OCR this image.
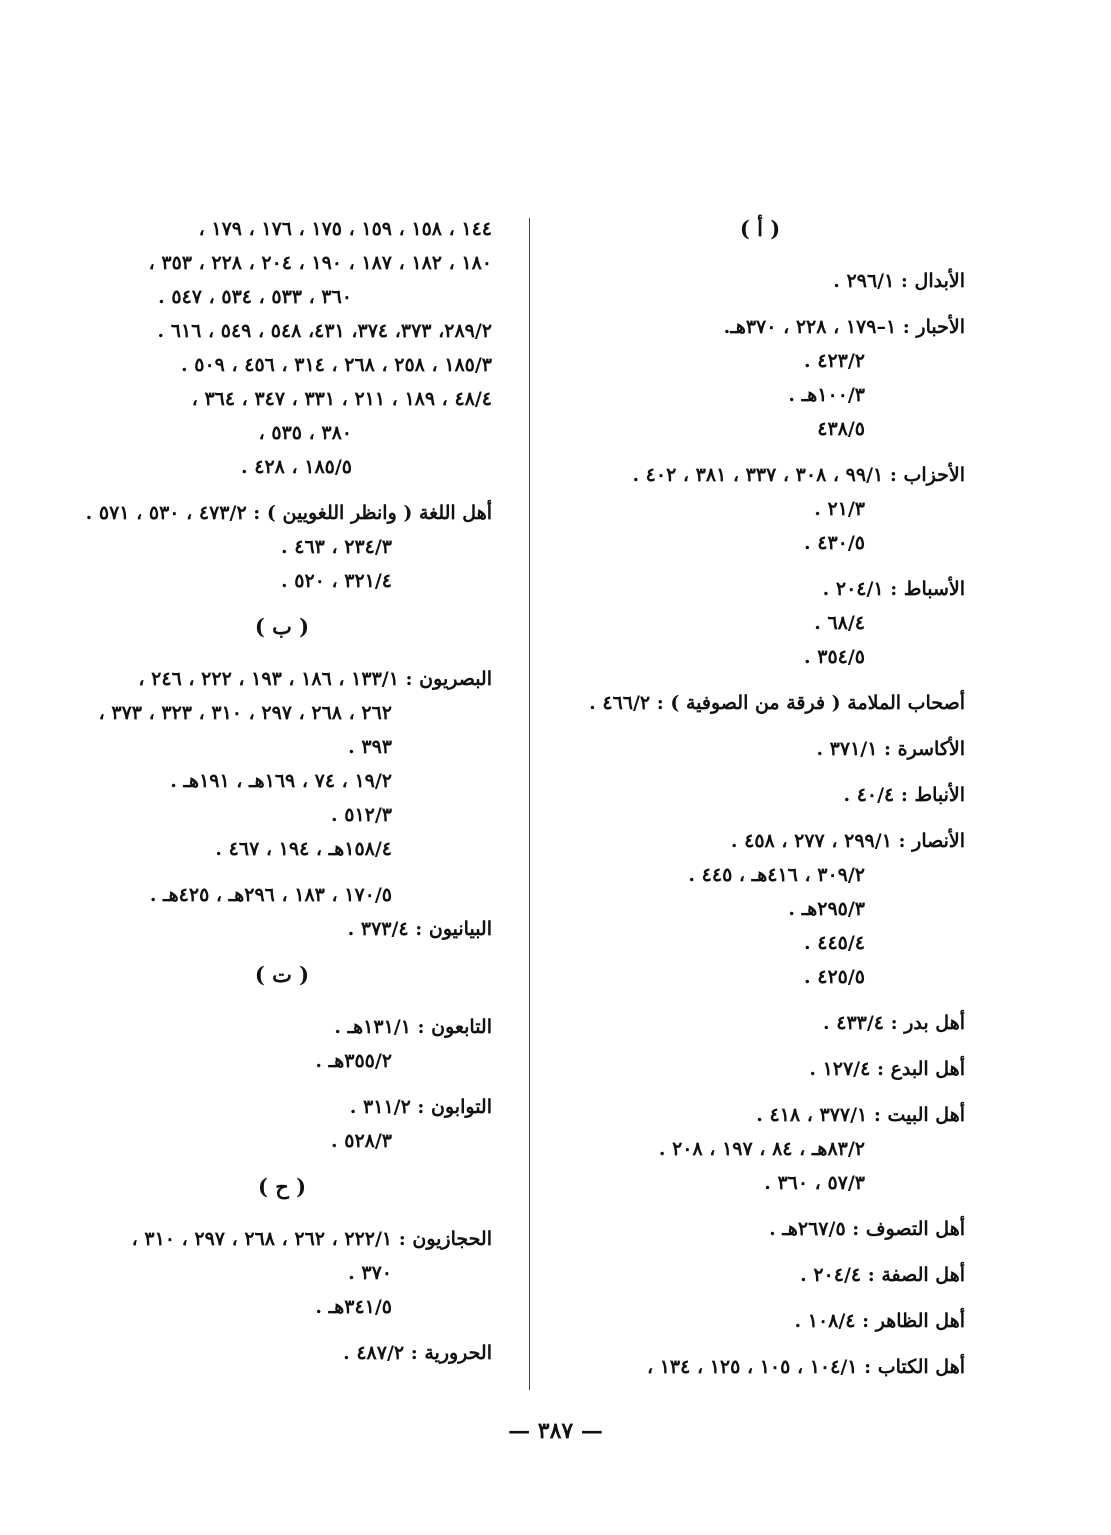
( أ )
الأبدال : ٢٩٦/١ .
الأحبار : ١–١٧٩ ، ٢٢٨ ، ٣٧٠هـ.
٤٢٣/٢ .
١٠٠/٣هـ .
٤٣٨/٥
الأحزاب : ٩٩/١ ، ٣٠٨ ، ٣٣٧ ، ٣٨١ ، ٤٠٢ .
٢١/٣ .
٤٣٠/٥ .
الأسباط : ٢٠٤/١ .
٦٨/٤ .
٣٥٤/٥ .
أصحاب الملامة ( فرقة من الصوفية ) : ٤٦٦/٢ .
الأكاسرة : ٣٧١/١ .
الأنباط : ٤٠/٤ .
الأنصار : ٢٩٩/١ ، ٢٧٧ ، ٤٥٨ .
٣٠٩/٢ ، ٤١٦هـ ، ٤٤٥ .
٢٩٥/٣هـ .
٤٤٥/٤ .
٤٢٥/٥ .
أهل بدر : ٤٣٣/٤ .
أهل البدع : ١٢٧/٤ .
أهل البيت : ٣٧٧/١ ، ٤١٨ .
٨٣/٢هـ ، ٨٤ ، ١٩٧ ، ٢٠٨ .
٥٧/٣ ، ٣٦٠ .
أهل التصوف : ٢٦٧/٥هـ .
أهل الصفة : ٢٠٤/٤ .
أهل الظاهر : ١٠٨/٤ .
أهل الكتاب : ١٠٤/١ ، ١٠٥ ، ١٢٥ ، ١٣٤ ،
١٤٤ ، ١٥٨ ، ١٥٩ ، ١٧٥ ، ١٧٦ ، ١٧٩ ،
١٨٠ ، ١٨٢ ، ١٨٧ ، ١٩٠ ، ٢٠٤ ، ٢٢٨ ، ٣٥٣ ،
٣٦٠ ، ٥٣٣ ، ٥٣٤ ، ٥٤٧ .
٢٨٩/٢، ٣٧٣، ٣٧٤، ٤٣١، ٥٤٨ ، ٥٤٩ ، ٦١٦ .
١٨٥/٣ ، ٢٥٨ ، ٢٦٨ ، ٣١٤ ، ٤٥٦ ، ٥٠٩ .
٤٨/٤ ، ١٨٩ ، ٢١١ ، ٣٣١ ، ٣٤٧ ، ٣٦٤ ،
٣٨٠ ، ٥٣٥ ،
١٨٥/٥ ، ٤٢٨ .
أهل اللغة ( وانظر اللغويين ) : ٤٧٣/٢ ، ٥٣٠ ، ٥٧١ .
٢٣٤/٣ ، ٤٦٣ .
٣٢١/٤ ، ٥٢٠ .
( ب )
البصريون : ١٣٣/١ ، ١٨٦ ، ١٩٣ ، ٢٢٢ ، ٢٤٦ ،
٢٦٢ ، ٢٦٨ ، ٢٩٧ ، ٣١٠ ، ٣٢٣ ، ٣٧٣ ،
٣٩٣ .
١٩/٢ ، ٧٤ ، ١٦٩هـ ، ١٩١هـ .
٥١٢/٣ .
١٥٨/٤هـ ، ١٩٤ ، ٤٦٧ .
١٧٠/٥ ، ١٨٣ ، ٢٩٦هـ ، ٤٢٥هـ .
البيانيون : ٣٧٣/٤ .
( ت )
التابعون : ١٣١/١هـ .
٣٥٥/٢هـ .
التوابون : ٣١١/٢ .
٥٢٨/٣ .
( ح )
الحجازيون : ٢٢٢/١ ، ٢٦٢ ، ٢٦٨ ، ٢٩٧ ، ٣١٠ ،
٣٧٠ .
٣٤١/٥هـ .
الحرورية : ٤٨٧/٢ .
— ٣٨٧ —
